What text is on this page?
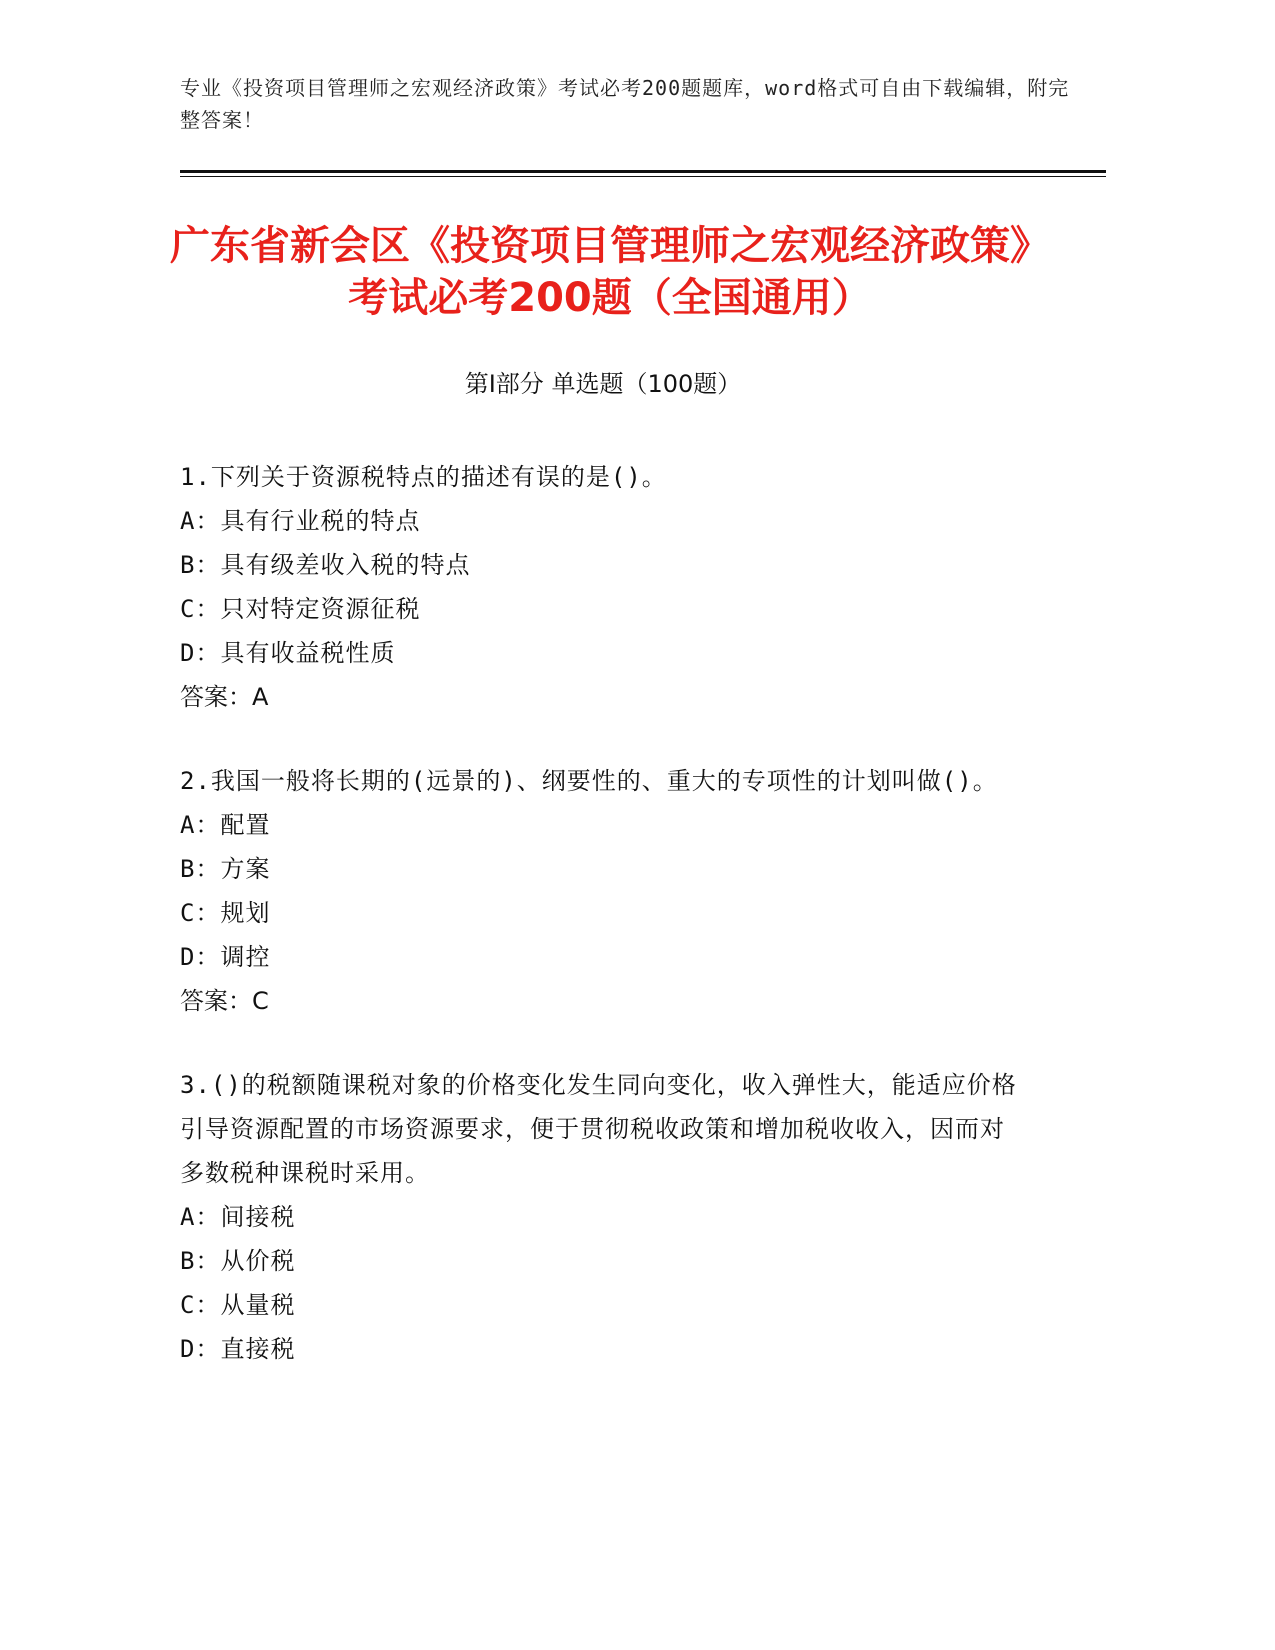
专业《投资项目管理师之宏观经济政策》考试必考200题题库，word格式可自由下载编辑，附完整答案！
广东省新会区《投资项目管理师之宏观经济政策》考试必考200题（全国通用）
第I部分 单选题（100题）
1.下列关于资源税特点的描述有误的是()。
A：具有行业税的特点
B：具有级差收入税的特点
C：只对特定资源征税
D：具有收益税性质
答案：A
2.我国一般将长期的(远景的)、纲要性的、重大的专项性的计划叫做()。
A：配置
B：方案
C：规划
D：调控
答案：C
3.()的税额随课税对象的价格变化发生同向变化，收入弹性大，能适应价格引导资源配置的市场资源要求，便于贯彻税收政策和增加税收收入，因而对多数税种课税时采用。
A：间接税
B：从价税
C：从量税
D：直接税
